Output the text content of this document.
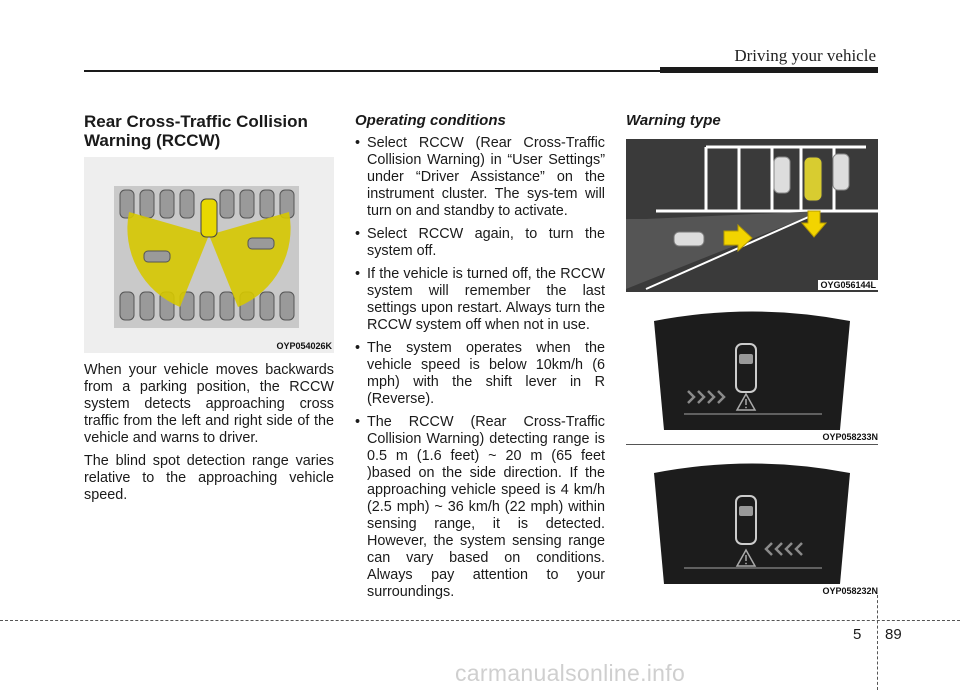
Driving your vehicle
Rear Cross-Traffic Collision Warning (RCCW)
OYP054026K

When your vehicle moves backwards from a parking position, the RCCW system detects approaching cross traffic from the left and right side of the vehicle and warns to driver.

The blind spot detection range varies relative to the approaching vehicle speed.

Operating conditions
• Select RCCW (Rear Cross-Traffic Collision Warning) in “User Settings” under “Driver Assistance” on the instrument cluster. The sys-tem will turn on and standby to activate.
• Select RCCW again, to turn the system off.
• If the vehicle is turned off, the RCCW system will remember the last settings upon restart. Always turn the RCCW system off when not in use.
• The system operates when the vehicle speed is below 10km/h (6 mph) with the shift lever in R (Reverse).
• The RCCW (Rear Cross-Traffic Collision Warning) detecting range is 0.5 m (1.6 feet) ~ 20 m (65 feet )based on the side direction. If the approaching vehicle speed is 4 km/h (2.5 mph) ~ 36 km/h (22 mph) within sensing range, it is detected. However, the system sensing range can vary based on conditions. Always pay attention to your surroundings.
Warning type
OYG056144L
OYP058233N
OYP058232N
5 89
carmanualsonline.info
